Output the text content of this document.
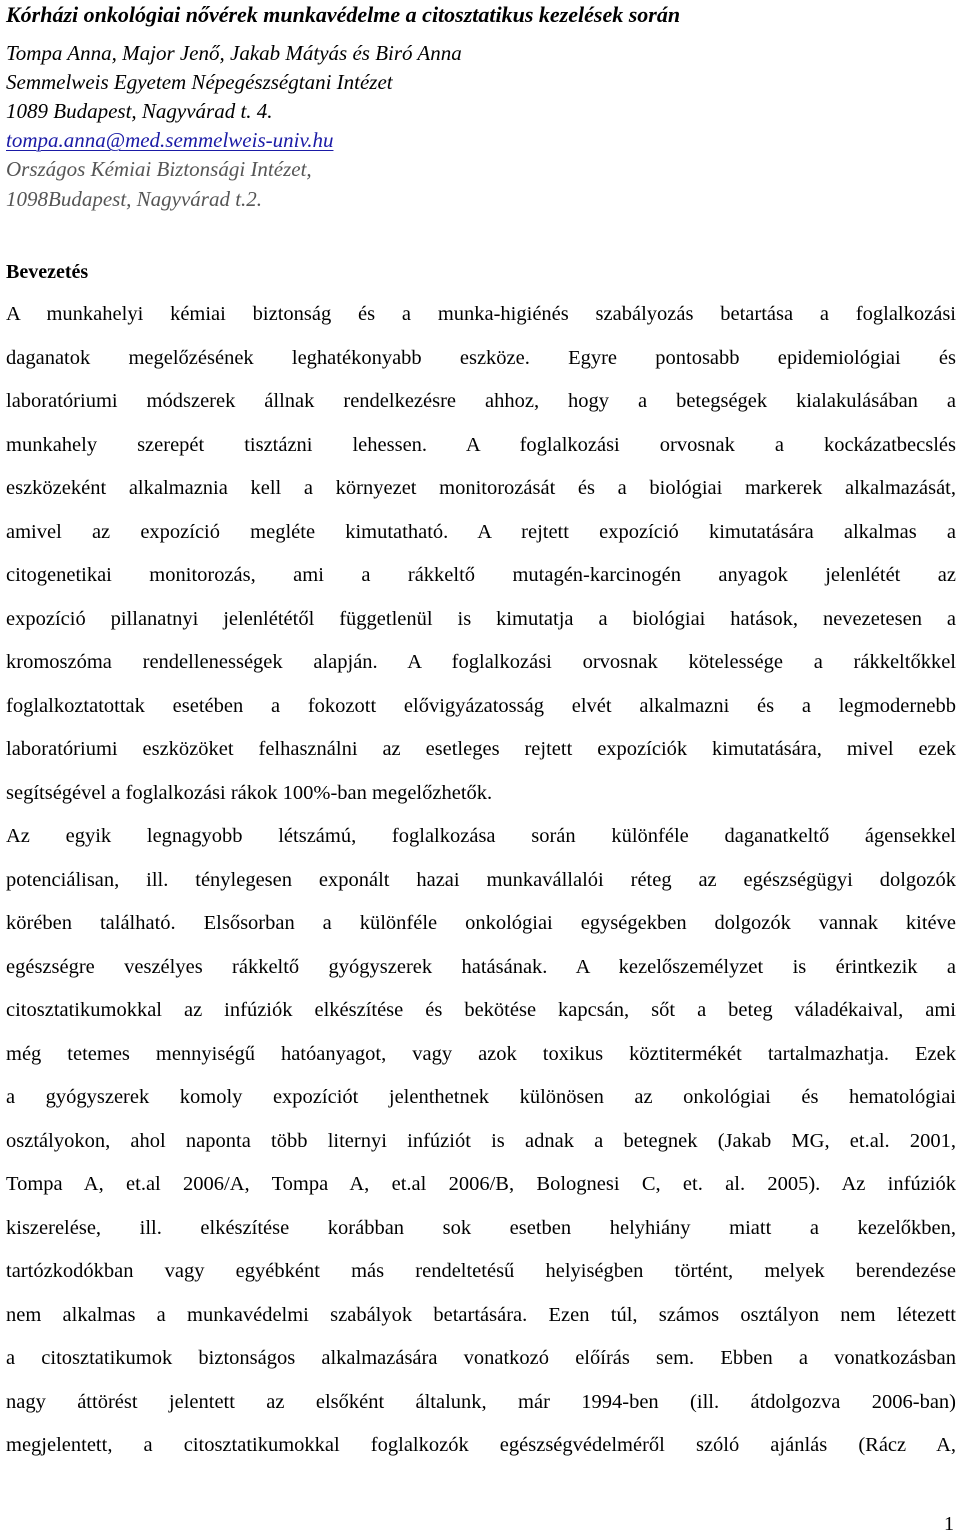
Kórházi onkológiai nővérek munkavédelme a citosztatikus kezelések során
Tompa Anna, Major Jenő, Jakab Mátyás és Biró Anna
Semmelweis Egyetem Népegészségtani Intézet
1089 Budapest, Nagyvárad t. 4.
tompa.anna@med.semmelweis-univ.hu
Országos Kémiai Biztonsági Intézet,
1098Budapest, Nagyvárad t.2.
Bevezetés
A munkahelyi kémiai biztonság és a munka-higiénés szabályozás betartása a foglalkozási
daganatok megelőzésének leghatékonyabb eszköze. Egyre pontosabb epidemiológiai és
laboratóriumi módszerek állnak rendelkezésre ahhoz, hogy a betegségek kialakulásában a
munkahely szerepét tisztázni lehessen. A foglalkozási orvosnak a kockázatbecslés
eszközeként alkalmaznia kell a környezet monitorozását és a biológiai markerek alkalmazását,
amivel az expozíció megléte kimutatható. A rejtett expozíció kimutatására alkalmas a
citogenetikai monitorozás, ami a rákkeltő mutagén-karcinogén anyagok jelenlétét az
expozíció pillanatnyi jelenlététől függetlenül is kimutatja a biológiai hatások, nevezetesen a
kromoszóma rendellenességek alapján. A foglalkozási orvosnak kötelessége a rákkeltőkkel
foglalkoztatottak esetében a fokozott elővigyázatosság elvét alkalmazni és a legmodernebb
laboratóriumi eszközöket felhasználni az esetleges rejtett expozíciók kimutatására, mivel ezek
segítségével a foglalkozási rákok 100%-ban megelőzhetők.
Az egyik legnagyobb létszámú, foglalkozása során különféle daganatkeltő ágensekkel
potenciálisan, ill. ténylegesen exponált hazai munkavállalói réteg az egészségügyi dolgozók
körében található. Elsősorban a különféle onkológiai egységekben dolgozók vannak kitéve
egészségre veszélyes rákkeltő gyógyszerek hatásának. A kezelőszemélyzet is érintkezik a
citosztatikumokkal az infúziók elkészítése és bekötése kapcsán, sőt a beteg váladékaival, ami
még tetemes mennyiségű hatóanyagot, vagy azok toxikus köztitermékét tartalmazhatja. Ezek
a gyógyszerek komoly expozíciót jelenthetnek különösen az onkológiai és hematológiai
osztályokon, ahol naponta több liternyi infúziót is adnak a betegnek (Jakab MG, et.al. 2001,
Tompa A, et.al 2006/A, Tompa A, et.al 2006/B, Bolognesi C, et. al. 2005). Az infúziók
kiszerelése, ill. elkészítése korábban sok esetben helyhiány miatt a kezelőkben,
tartózkodókban vagy egyébként más rendeltetésű helyiségben történt, melyek berendezése
nem alkalmas a munkavédelmi szabályok betartására. Ezen túl, számos osztályon nem létezett
a citosztatikumok biztonságos alkalmazására vonatkozó előírás sem. Ebben a vonatkozásban
nagy áttörést jelentett az elsőként általunk, már 1994-ben (ill. átdolgozva 2006-ban)
megjelentett, a citosztatikumokkal foglalkozók egészségvédelméről szóló ajánlás (Rácz A,
1
